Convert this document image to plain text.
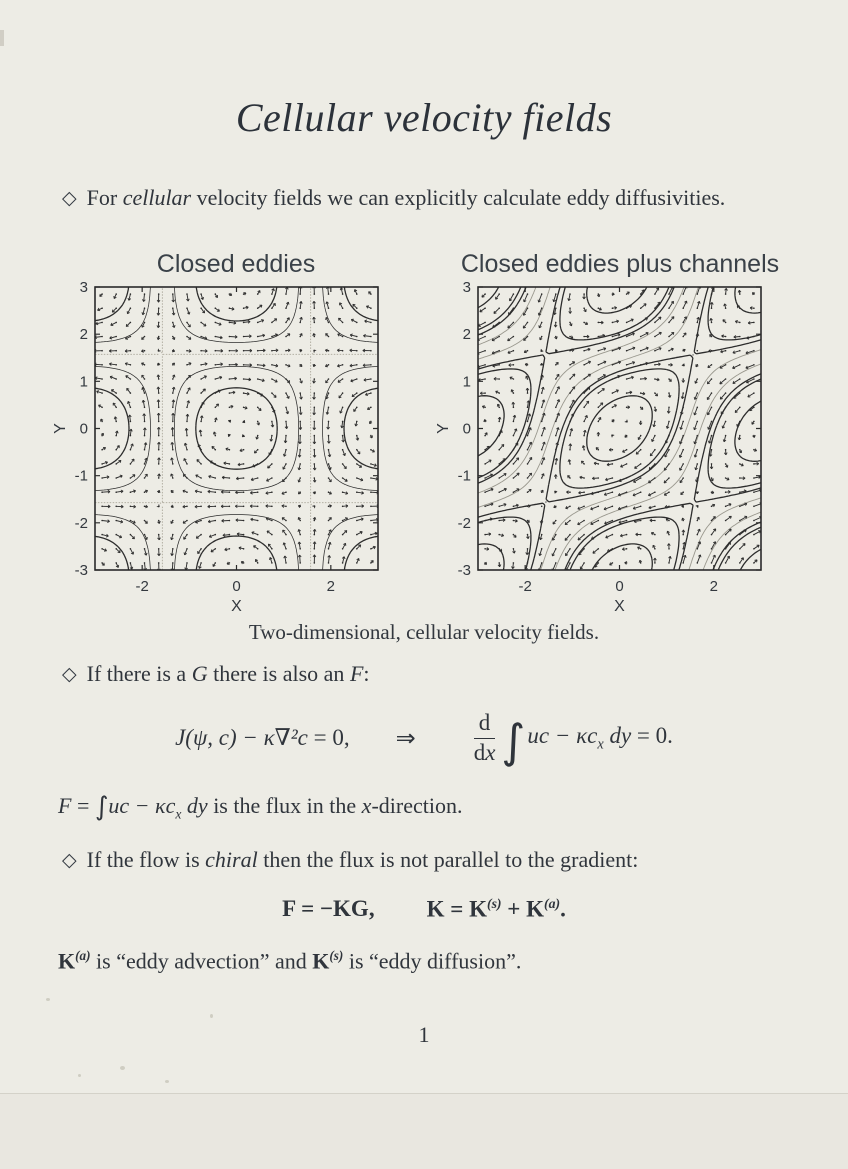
Cellular velocity fields
◇ For cellular velocity fields we can explicitly calculate eddy diffusivities.
Closed eddies	Closed eddies plus channels
-2	0	2
3
2
1
0
-1
-2
-3
X
Y
-2	0	2
3
2
1
0
-1
-2
-3
X
Y
Two-dimensional, cellular velocity fields.
◇ If there is a G there is also an F:
J(ψ, c) − κ∇²c = 0, ⇒	$\frac{d}{dx}$ ∫ uc − $\kappa c_x$ dy = 0.
$F = \int uc - \kappa c_x$ dy is the flux in the x-direction.
◇ If the flow is chiral then the flux is not parallel to the gradient:
F = −KG, $K = K^{(s)} + K^{(a)}$.
$K^{(a)}$ is “eddy advection” and $K^{(s)}$ is “eddy diffusion”.
1
